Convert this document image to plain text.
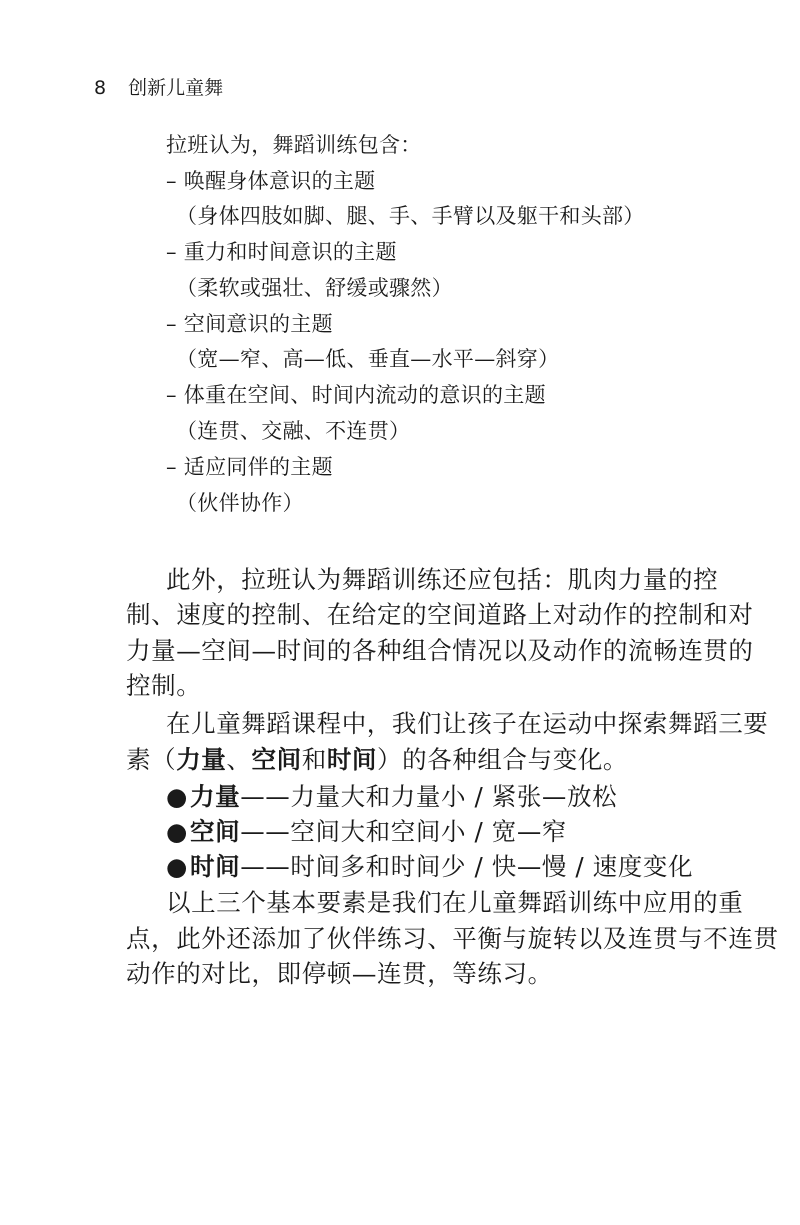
8 创新儿童舞
拉班认为，舞蹈训练包含：
– 唤醒身体意识的主题
（身体四肢如脚、腿、手、手臂以及躯干和头部）
– 重力和时间意识的主题
（柔软或强壮、舒缓或骤然）
– 空间意识的主题
（宽—窄、高—低、垂直—水平—斜穿）
– 体重在空间、时间内流动的意识的主题
（连贯、交融、不连贯）
– 适应同伴的主题
（伙伴协作）
此外，拉班认为舞蹈训练还应包括：肌肉力量的控
制、速度的控制、在给定的空间道路上对动作的控制和对
力量—空间—时间的各种组合情况以及动作的流畅连贯的
控制。
在儿童舞蹈课程中，我们让孩子在运动中探索舞蹈三要
素（力量、空间和时间）的各种组合与变化。
●力量——力量大和力量小 / 紧张—放松
●空间——空间大和空间小 / 宽—窄
●时间——时间多和时间少 / 快—慢 / 速度变化
以上三个基本要素是我们在儿童舞蹈训练中应用的重
点，此外还添加了伙伴练习、平衡与旋转以及连贯与不连贯
动作的对比，即停顿—连贯，等练习。
